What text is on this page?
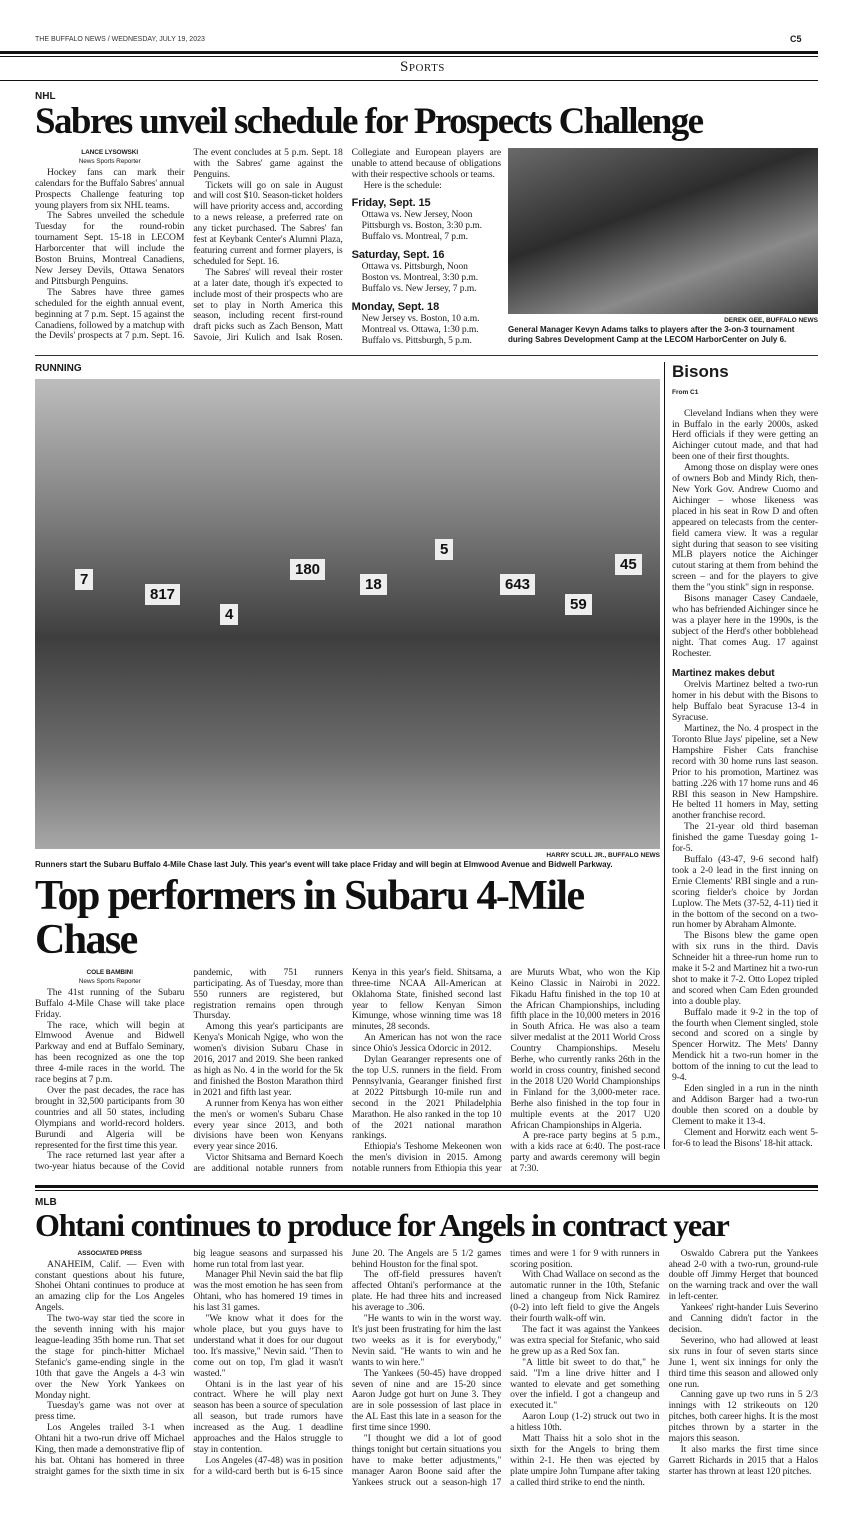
THE BUFFALO NEWS / WEDNESDAY, JULY 19, 2023	C5
Sports
NHL
Sabres unveil schedule for Prospects Challenge
LANCE LYSOWSKI
News Sports Reporter

Hockey fans can mark their calendars for the Buffalo Sabres' annual Prospects Challenge featuring top young players from six NHL teams.

The Sabres unveiled the schedule Tuesday for the round-robin tournament Sept. 15-18 in LECOM Harborcenter that will include the Boston Bruins, Montreal Canadiens, New Jersey Devils, Ottawa Senators and Pittsburgh Penguins.

The Sabres have three games scheduled for the eighth annual event, beginning at 7 p.m. Sept. 15 against the Canadiens, followed by a matchup with the Devils' prospects at 7 p.m. Sept. 16. The event concludes at 5 p.m. Sept. 18 with the Sabres' game against the Penguins.

Tickets will go on sale in August and will cost $10. Season-ticket holders will have priority access and, according to a news release, a preferred rate on any ticket purchased. The Sabres' fan fest at Keybank Center's Alumni Plaza, featuring current and former players, is scheduled for Sept. 16.

The Sabres' will reveal their roster at a later date, though it's expected to include most of their prospects who are set to play in North America this season, including recent first-round draft picks such as Zach Benson, Matt Savoie, Jiri Kulich and Isak Rosen. Collegiate and European players are unable to attend because of obligations with their respective schools or teams.

Here is the schedule:

Friday, Sept. 15
Ottawa vs. New Jersey, Noon
Pittsburgh vs. Boston, 3:30 p.m.
Buffalo vs. Montreal, 7 p.m.
Saturday, Sept. 16
Ottawa vs. Pittsburgh, Noon
Boston vs. Montreal, 3:30 p.m.
Buffalo vs. New Jersey, 7 p.m.
Monday, Sept. 18
New Jersey vs. Boston, 10 a.m.
Montreal vs. Ottawa, 1:30 p.m.
Buffalo vs. Pittsburgh, 5 p.m.
DEREK GEE, BUFFALO NEWS
General Manager Kevyn Adams talks to players after the 3-on-3 tournament during Sabres Development Camp at the LECOM HarborCenter on July 6.
RUNNING
7
817
4
180
18
5
643
59
45
HARRY SCULL JR., BUFFALO NEWS
Runners start the Subaru Buffalo 4-Mile Chase last July. This year's event will take place Friday and will begin at Elmwood Avenue and Bidwell Parkway.
Top performers in Subaru 4-Mile Chase
COLE BAMBINI
News Sports Reporter

The 41st running of the Subaru Buffalo 4-Mile Chase will take place Friday.

The race, which will begin at Elmwood Avenue and Bidwell Parkway and end at Buffalo Seminary, has been recognized as one the top three 4-mile races in the world. The race begins at 7 p.m.

Over the past decades, the race has brought in 32,500 participants from 30 countries and all 50 states, including Olympians and world-record holders. Burundi and Algeria will be represented for the first time this year.

The race returned last year after a two-year hiatus because of the Covid pandemic, with 751 runners participating. As of Tuesday, more than 550 runners are registered, but registration remains open through Thursday.

Among this year's participants are Kenya's Monicah Ngige, who won the women's division Subaru Chase in 2016, 2017 and 2019. She been ranked as high as No. 4 in the world for the 5k and finished the Boston Marathon third in 2021 and fifth last year.

A runner from Kenya has won either the men's or women's Subaru Chase every year since 2013, and both divisions have been won Kenyans every year since 2016.

Victor Shitsama and Bernard Koech are additional notable runners from Kenya in this year's field. Shitsama, a three-time NCAA All-American at Oklahoma State, finished second last year to fellow Kenyan Simon Kimunge, whose winning time was 18 minutes, 28 seconds.

An American has not won the race since Ohio's Jessica Odorcic in 2012.

Dylan Gearanger represents one of the top U.S. runners in the field. From Pennsylvania, Gearanger finished first at 2022 Pittsburgh 10-mile run and second in the 2021 Philadelphia Marathon. He also ranked in the top 10 of the 2021 national marathon rankings.

Ethiopia's Teshome Mekeonen won the men's division in 2015. Among notable runners from Ethiopia this year are Muruts Wbat, who won the Kip Keino Classic in Nairobi in 2022. Fikadu Haftu finished in the top 10 at the African Championships, including fifth place in the 10,000 meters in 2016 in South Africa. He was also a team silver medalist at the 2011 World Cross Country Championships. Meselu Berhe, who currently ranks 26th in the world in cross country, finished second in the 2018 U20 World Championships in Finland for the 3,000-meter race. Berhe also finished in the top four in multiple events at the 2017 U20 African Championships in Algeria.

A pre-race party begins at 5 p.m., with a kids race at 6:40. The post-race party and awards ceremony will begin at 7:30.

Bisons
From C1

Cleveland Indians when they were in Buffalo in the early 2000s, asked Herd officials if they were getting an Aichinger cutout made, and that had been one of their first thoughts.

Among those on display were ones of owners Bob and Mindy Rich, then-New York Gov. Andrew Cuomo and Aichinger – whose likeness was placed in his seat in Row D and often appeared on telecasts from the center-field camera view. It was a regular sight during that season to see visiting MLB players notice the Aichinger cutout staring at them from behind the screen – and for the players to give them the "you stink" sign in response.

Bisons manager Casey Candaele, who has befriended Aichinger since he was a player here in the 1990s, is the subject of the Herd's other bobblehead night. That comes Aug. 17 against Rochester.

Martinez makes debut

Orelvis Martinez belted a two-run homer in his debut with the Bisons to help Buffalo beat Syracuse 13-4 in Syracuse.

Martinez, the No. 4 prospect in the Toronto Blue Jays' pipeline, set a New Hampshire Fisher Cats franchise record with 30 home runs last season. Prior to his promotion, Martinez was batting .226 with 17 home runs and 46 RBI this season in New Hampshire. He belted 11 homers in May, setting another franchise record.

The 21-year old third baseman finished the game Tuesday going 1-for-5.

Buffalo (43-47, 9-6 second half) took a 2-0 lead in the first inning on Ernie Clements' RBI single and a run-scoring fielder's choice by Jordan Luplow. The Mets (37-52, 4-11) tied it in the bottom of the second on a two-run homer by Abraham Almonte.

The Bisons blew the game open with six runs in the third. Davis Schneider hit a three-run home run to make it 5-2 and Martinez hit a two-run shot to make it 7-2. Otto Lopez tripled and scored when Cam Eden grounded into a double play.

Buffalo made it 9-2 in the top of the fourth when Clement singled, stole second and scored on a single by Spencer Horwitz. The Mets' Danny Mendick hit a two-run homer in the bottom of the inning to cut the lead to 9-4.

Eden singled in a run in the ninth and Addison Barger had a two-run double then scored on a double by Clement to make it 13-4.

Clement and Horwitz each went 5-for-6 to lead the Bisons' 18-hit attack.

MLB
Ohtani continues to produce for Angels in contract year
ASSOCIATED PRESS

ANAHEIM, Calif. — Even with constant questions about his future, Shohei Ohtani continues to produce at an amazing clip for the Los Angeles Angels.

The two-way star tied the score in the seventh inning with his major league-leading 35th home run. That set the stage for pinch-hitter Michael Stefanic's game-ending single in the 10th that gave the Angels a 4-3 win over the New York Yankees on Monday night.

Tuesday's game was not over at press time.

Los Angeles trailed 3-1 when Ohtani hit a two-run drive off Michael King, then made a demonstrative flip of his bat. Ohtani has homered in three straight games for the sixth time in six big league seasons and surpassed his home run total from last year.

Manager Phil Nevin said the bat flip was the most emotion he has seen from Ohtani, who has homered 19 times in his last 31 games.

"We know what it does for the whole place, but you guys have to understand what it does for our dugout too. It's massive," Nevin said. "Then to come out on top, I'm glad it wasn't wasted."

Ohtani is in the last year of his contract. Where he will play next season has been a source of speculation all season, but trade rumors have increased as the Aug. 1 deadline approaches and the Halos struggle to stay in contention.

Los Angeles (47-48) was in position for a wild-card berth but is 6-15 since June 20. The Angels are 5 1/2 games behind Houston for the final spot.

The off-field pressures haven't affected Ohtani's performance at the plate. He had three hits and increased his average to .306.

"He wants to win in the worst way. It's just been frustrating for him the last two weeks as it is for everybody," Nevin said. "He wants to win and he wants to win here."

The Yankees (50-45) have dropped seven of nine and are 15-20 since Aaron Judge got hurt on June 3. They are in sole possession of last place in the AL East this late in a season for the first time since 1990.

"I thought we did a lot of good things tonight but certain situations you have to make better adjustments," manager Aaron Boone said after the Yankees struck out a season-high 17 times and were 1 for 9 with runners in scoring position.

With Chad Wallace on second as the automatic runner in the 10th, Stefanic lined a changeup from Nick Ramirez (0-2) into left field to give the Angels their fourth walk-off win.

The fact it was against the Yankees was extra special for Stefanic, who said he grew up as a Red Sox fan.

"A little bit sweet to do that," he said. "I'm a line drive hitter and I wanted to elevate and get something over the infield. I got a changeup and executed it."

Aaron Loup (1-2) struck out two in a hitless 10th.

Matt Thaiss hit a solo shot in the sixth for the Angels to bring them within 2-1. He then was ejected by plate umpire John Tumpane after taking a called third strike to end the ninth.

Oswaldo Cabrera put the Yankees ahead 2-0 with a two-run, ground-rule double off Jimmy Herget that bounced on the warning track and over the wall in left-center.

Yankees' right-hander Luis Severino and Canning didn't factor in the decision.

Severino, who had allowed at least six runs in four of seven starts since June 1, went six innings for only the third time this season and allowed only one run.

Canning gave up two runs in 5 2/3 innings with 12 strikeouts on 120 pitches, both career highs. It is the most pitches thrown by a starter in the majors this season.

It also marks the first time since Garrett Richards in 2015 that a Halos starter has thrown at least 120 pitches.
